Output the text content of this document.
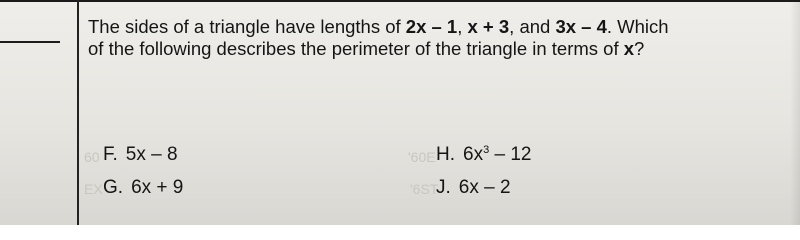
The sides of a triangle have lengths of 2x – 1, x + 3, and 3x – 4. Which
of the following describes the perimeter of the triangle in terms of x?
60
EX
'60E
'6ST
F. 5x – 8
G. 6x + 9
H. $6x^3 - 12$
J. 6x – 2
